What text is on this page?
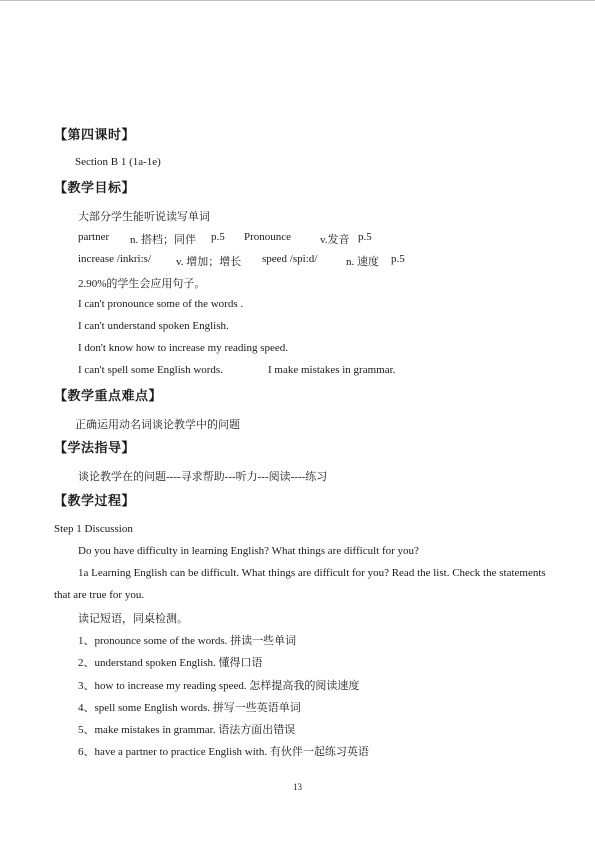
【第四课时】
Section B 1 (1a-1e)
【教学目标】
大部分学生能听说读写单词
partner n. 搭档；同伴 p.5 Pronounce	v.发音 p.5
increase /inkri:s/ v. 增加；增长 speed /spi:d/	n. 速度 p.5
2.90%的学生会应用句子。
I can't pronounce some of the words .
I can't understand spoken English.
I don't know how to increase my reading speed.
I can't spell some English words.	I make mistakes in grammar.
【教学重点难点】
正确运用动名词谈论教学中的问题
【学法指导】
谈论教学在的问题----寻求帮助---听力---阅读----练习
【教学过程】
Step 1 Discussion
Do you have difficulty in learning English? What things are difficult for you?
1a Learning English can be difficult. What things are difficult for you? Read the list. Check the statements that are true for you.
读记短语，同桌检测。
1、pronounce some of the words. 拼读一些单词
2、understand spoken English. 懂得口语
3、how to increase my reading speed. 怎样提高我的阅读速度
4、spell some English words. 拼写一些英语单词
5、make mistakes in grammar. 语法方面出错误
6、have a partner to practice English with. 有伙伴一起练习英语
13
